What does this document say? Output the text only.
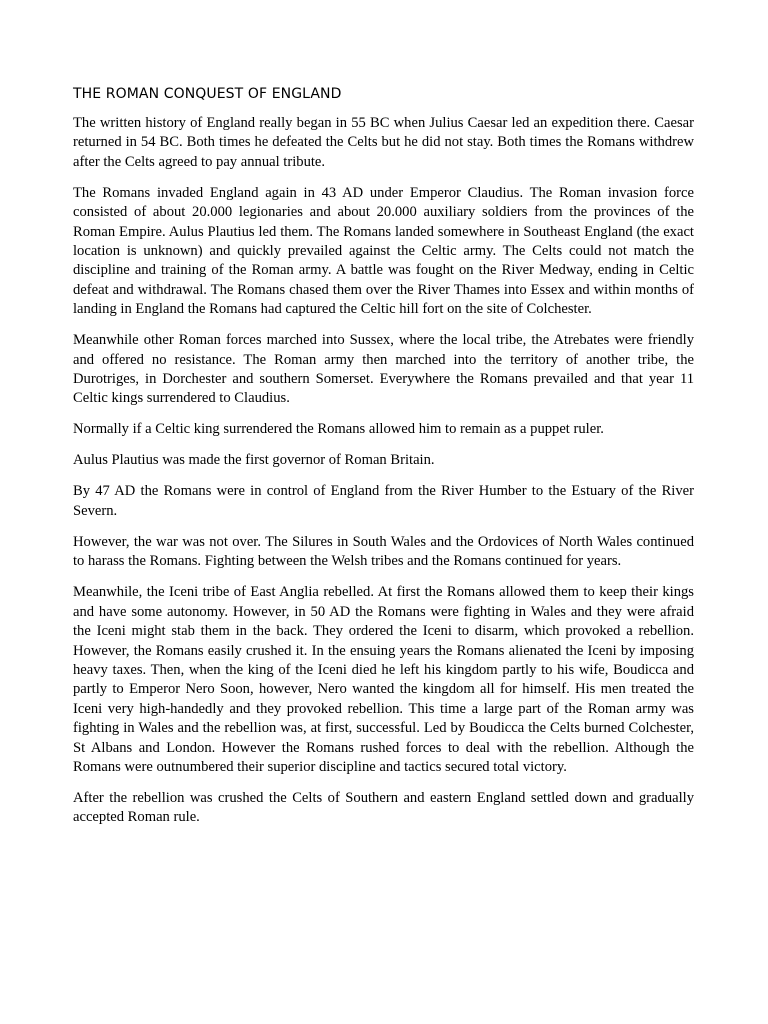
THE ROMAN CONQUEST OF ENGLAND

The written history of England really began in 55 BC when Julius Caesar led an expedition there. Caesar returned in 54 BC. Both times he defeated the Celts but he did not stay. Both times the Romans withdrew after the Celts agreed to pay annual tribute.

The Romans invaded England again in 43 AD under Emperor Claudius. The Roman invasion force consisted of about 20.000 legionaries and about 20.000 auxiliary soldiers from the provinces of the Roman Empire. Aulus Plautius led them. The Romans landed somewhere in Southeast England (the exact location is unknown) and quickly prevailed against the Celtic army. The Celts could not match the discipline and training of the Roman army. A battle was fought on the River Medway, ending in Celtic defeat and withdrawal. The Romans chased them over the River Thames into Essex and within months of landing in England the Romans had captured the Celtic hill fort on the site of Colchester.

Meanwhile other Roman forces marched into Sussex, where the local tribe, the Atrebates were friendly and offered no resistance. The Roman army then marched into the territory of another tribe, the Durotriges, in Dorchester and southern Somerset. Everywhere the Romans prevailed and that year 11 Celtic kings surrendered to Claudius.

Normally if a Celtic king surrendered the Romans allowed him to remain as a puppet ruler.

Aulus Plautius was made the first governor of Roman Britain.

By 47 AD the Romans were in control of England from the River Humber to the Estuary of the River Severn.

However, the war was not over. The Silures in South Wales and the Ordovices of North Wales continued to harass the Romans. Fighting between the Welsh tribes and the Romans continued for years.

Meanwhile, the Iceni tribe of East Anglia rebelled. At first the Romans allowed them to keep their kings and have some autonomy. However, in 50 AD the Romans were fighting in Wales and they were afraid the Iceni might stab them in the back. They ordered the Iceni to disarm, which provoked a rebellion. However, the Romans easily crushed it. In the ensuing years the Romans alienated the Iceni by imposing heavy taxes. Then, when the king of the Iceni died he left his kingdom partly to his wife, Boudicca and partly to Emperor Nero Soon, however, Nero wanted the kingdom all for himself. His men treated the Iceni very high-handedly and they provoked rebellion. This time a large part of the Roman army was fighting in Wales and the rebellion was, at first, successful. Led by Boudicca the Celts burned Colchester, St Albans and London. However the Romans rushed forces to deal with the rebellion. Although the Romans were outnumbered their superior discipline and tactics secured total victory.

After the rebellion was crushed the Celts of Southern and eastern England settled down and gradually accepted Roman rule.
